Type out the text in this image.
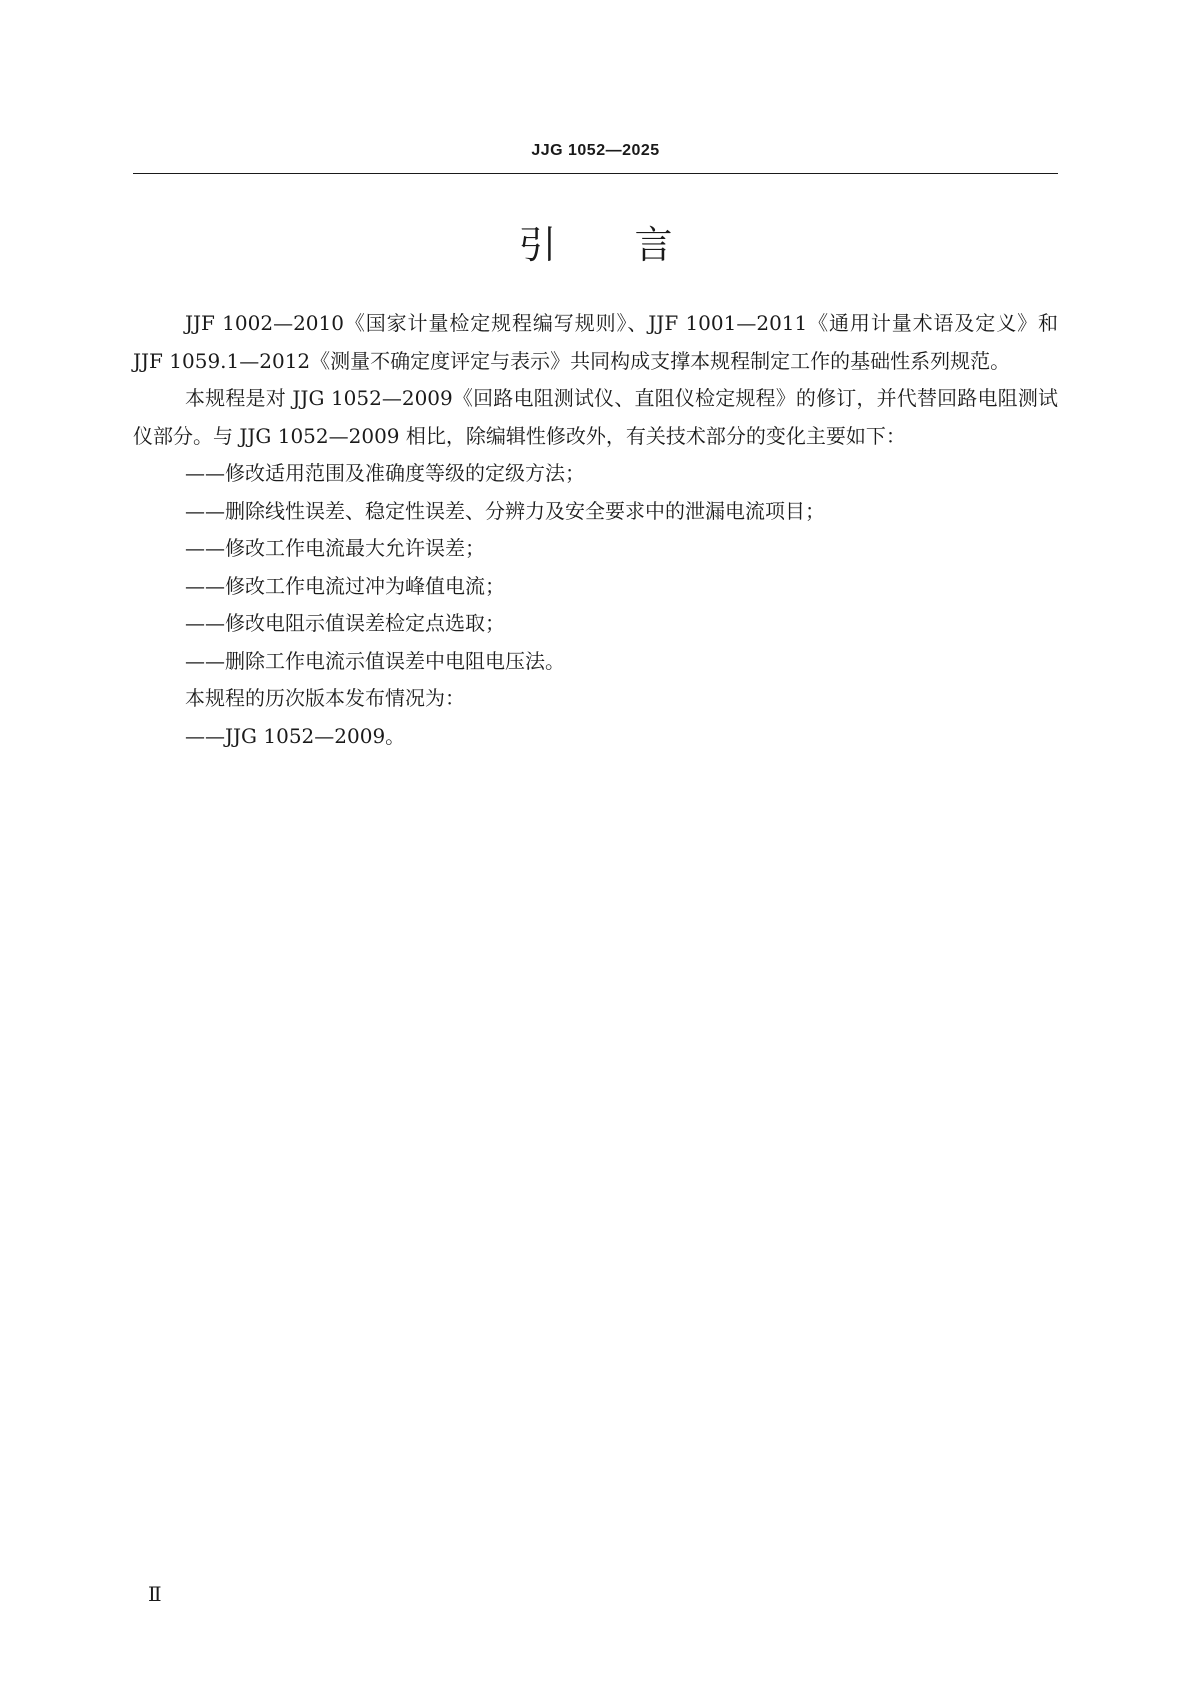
JJG 1052—2025
引言

JJF 1002—2010《国家计量检定规程编写规则》、JJF 1001—2011《通用计量术语及定义》和 JJF 1059.1—2012《测量不确定度评定与表示》共同构成支撑本规程制定工作的基础性系列规范。

本规程是对 JJG 1052—2009《回路电阻测试仪、直阻仪检定规程》的修订，并代替回路电阻测试仪部分。与 JJG 1052—2009 相比，除编辑性修改外，有关技术部分的变化主要如下：

——修改适用范围及准确度等级的定级方法；

——删除线性误差、稳定性误差、分辨力及安全要求中的泄漏电流项目；

——修改工作电流最大允许误差；

——修改工作电流过冲为峰值电流；

——修改电阻示值误差检定点选取；

——删除工作电流示值误差中电阻电压法。

本规程的历次版本发布情况为：

——JJG 1052—2009。

Ⅱ
